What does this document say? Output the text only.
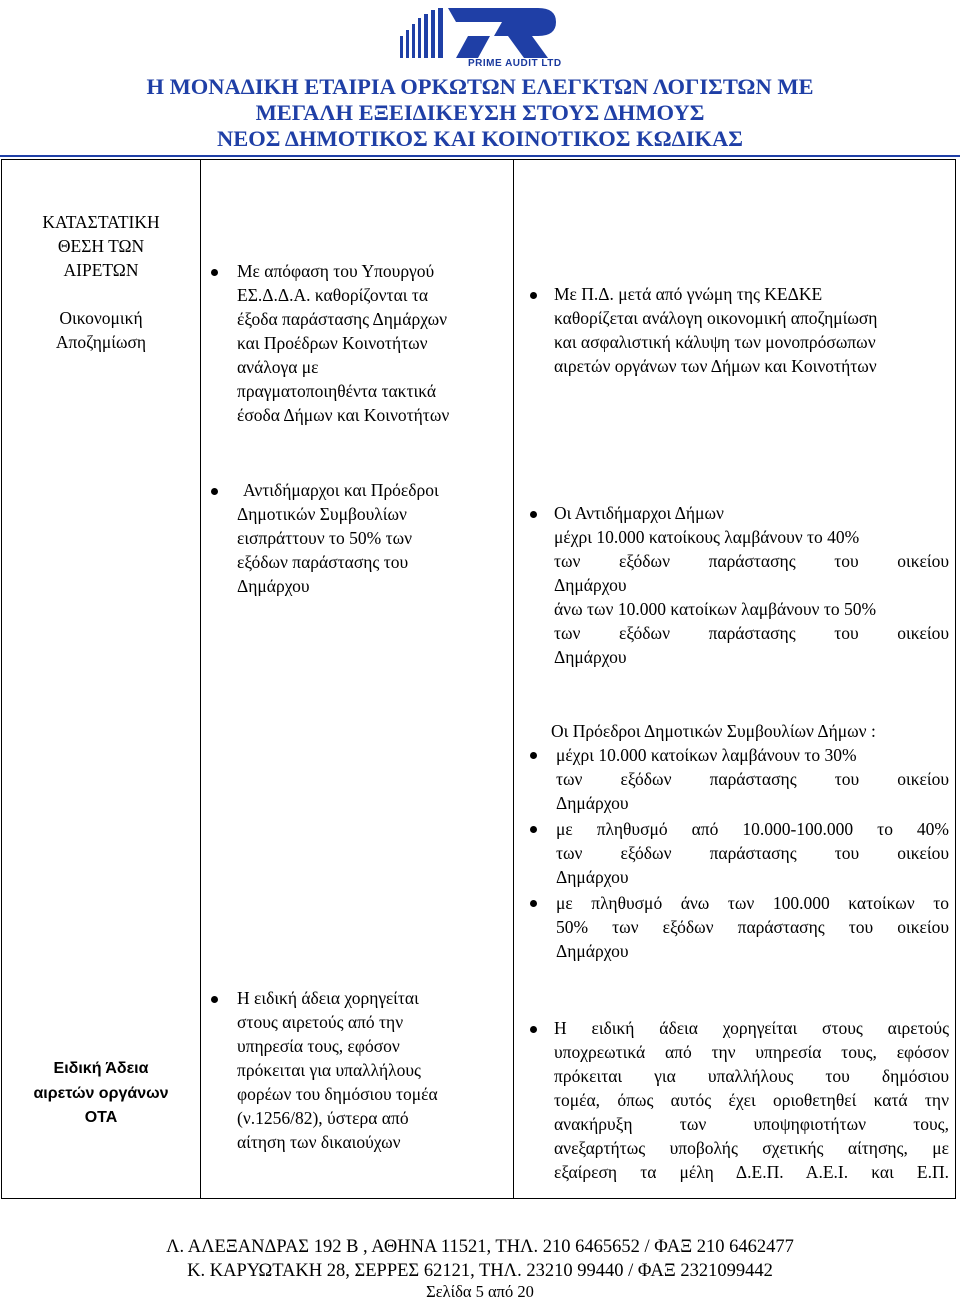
PRIME AUDIT LTD
Η ΜΟΝΑΔΙΚΗ ΕΤΑΙΡΙΑ ΟΡΚΩΤΩΝ ΕΛΕΓΚΤΩΝ ΛΟΓΙΣΤΩΝ ΜΕ
ΜΕΓΑΛΗ ΕΞΕΙΔΙΚΕΥΣΗ ΣΤΟΥΣ ΔΗΜΟΥΣ
ΝΕΟΣ ΔΗΜΟΤΙΚΟΣ ΚΑΙ ΚΟΙΝΟΤΙΚΟΣ ΚΩΔΙΚΑΣ
ΚΑΤΑΣΤΑΤΙΚΗ
ΘΕΣΗ ΤΩΝ
ΑΙΡΕΤΩΝ
Οικονομική
Αποζημίωση
Με απόφαση του Υπουργού
ΕΣ.Δ.Δ.Α. καθορίζονται τα
έξοδα παράστασης Δημάρχων
και Προέδρων Κοινοτήτων
ανάλογα με
πραγματοποιηθέντα τακτικά
έσοδα Δήμων και Κοινοτήτων
Με Π.Δ. μετά από γνώμη της ΚΕΔΚΕ
καθορίζεται ανάλογη οικονομική αποζημίωση
και ασφαλιστική κάλυψη των μονοπρόσωπων
αιρετών οργάνων των Δήμων και Κοινοτήτων
Αντιδήμαρχοι και Πρόεδροι
Δημοτικών Συμβουλίων
εισπράττουν το 50% των
εξόδων παράστασης του
Δημάρχου
Οι Αντιδήμαρχοι Δήμων
μέχρι 10.000 κατοίκους λαμβάνουν το 40%
των εξόδων παράστασης του οικείου
Δημάρχου
άνω των 10.000 κατοίκων λαμβάνουν το 50%
των εξόδων παράστασης του οικείου
Δημάρχου
Οι Πρόεδροι Δημοτικών Συμβουλίων Δήμων :
μέχρι 10.000 κατοίκων λαμβάνουν το 30%
των εξόδων παράστασης του οικείου
Δημάρχου
με πληθυσμό από 10.000-100.000 το 40%
των εξόδων παράστασης του οικείου
Δημάρχου
με πληθυσμό άνω των 100.000 κατοίκων το
50% των εξόδων παράστασης του οικείου
Δημάρχου
Ειδική Άδεια
αιρετών οργάνων
ΟΤΑ
Η ειδική άδεια χορηγείται
στους αιρετούς από την
υπηρεσία τους, εφόσον
πρόκειται για υπαλλήλους
φορέων του δημόσιου τομέα
(ν.1256/82), ύστερα από
αίτηση των δικαιούχων
Η ειδική άδεια χορηγείται στους αιρετούς
υποχρεωτικά από την υπηρεσία τους, εφόσον
πρόκειται για υπαλλήλους του δημόσιου
τομέα, όπως αυτός έχει οριοθετηθεί κατά την
ανακήρυξη των υποψηφιοτήτων τους,
ανεξαρτήτως υποβολής σχετικής αίτησης, με
εξαίρεση τα μέλη Δ.Ε.Π. Α.Ε.Ι. και Ε.Π.
Λ. ΑΛΕΞΑΝΔΡΑΣ 192 Β , ΑΘΗΝΑ 11521, ΤΗΛ. 210 6465652 / ΦΑΞ 210 6462477
Κ. ΚΑΡΥΩΤΑΚΗ 28, ΣΕΡΡΕΣ 62121, ΤΗΛ. 23210 99440 / ΦΑΞ 2321099442
Σελίδα 5 από 20
